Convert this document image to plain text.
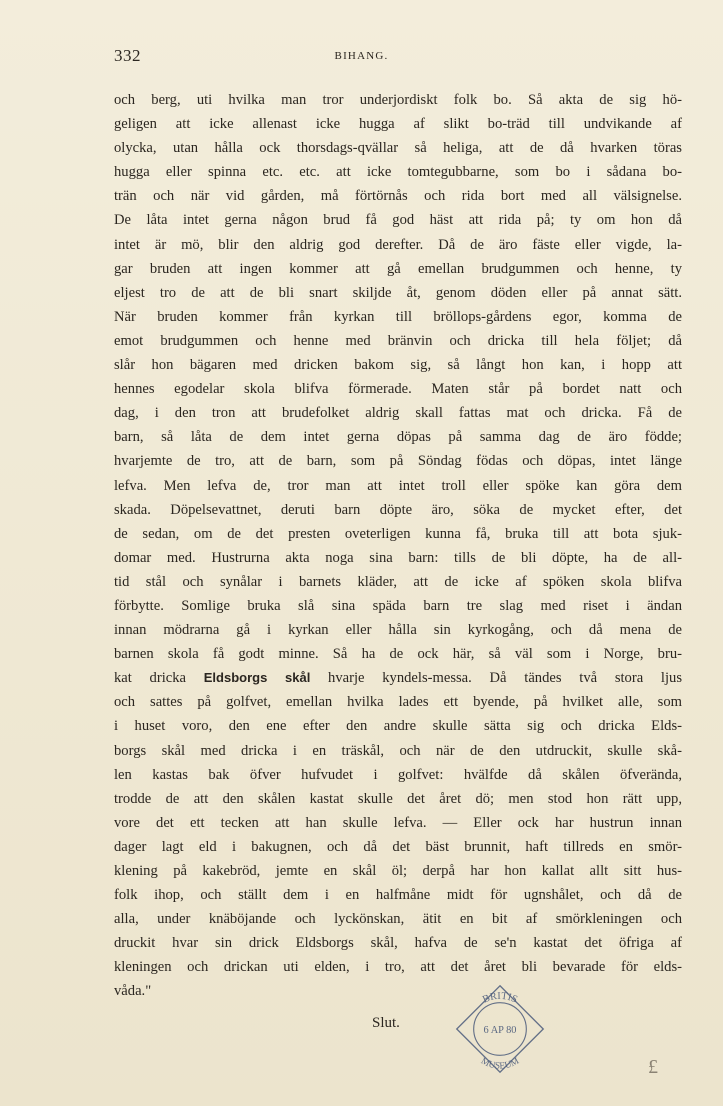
332	BIHANG.
och berg, uti hvilka man tror underjordiskt folk bo. Så akta de sig hö-
geligen att icke allenast icke hugga af slikt bo-träd till undvikande af
olycka, utan hålla ock thorsdags-qvällar så heliga, att de då hvarken töras
hugga eller spinna etc. etc. att icke tomtegubbarne, som bo i sådana bo-
trän och när vid gården, må förtörnås och rida bort med all välsignelse.
De låta intet gerna någon brud få god häst att rida på; ty om hon då
intet är mö, blir den aldrig god derefter. Då de äro fäste eller vigde, la-
gar bruden att ingen kommer att gå emellan brudgummen och henne, ty
eljest tro de att de bli snart skiljde åt, genom döden eller på annat sätt.
När bruden kommer från kyrkan till bröllops-gårdens egor, komma de
emot brudgummen och henne med bränvin och dricka till hela följet; då
slår hon bägaren med dricken bakom sig, så långt hon kan, i hopp att
hennes egodelar skola blifva förmerade. Maten står på bordet natt och
dag, i den tron att brudefolket aldrig skall fattas mat och dricka. Få de
barn, så låta de dem intet gerna döpas på samma dag de äro födde;
hvarjemte de tro, att de barn, som på Söndag födas och döpas, intet länge
lefva. Men lefva de, tror man att intet troll eller spöke kan göra dem
skada. Döpelsevattnet, deruti barn döpte äro, söka de mycket efter, det
de sedan, om de det presten oveterligen kunna få, bruka till att bota sjuk-
domar med. Hustrurna akta noga sina barn: tills de bli döpte, ha de all-
tid stål och synålar i barnets kläder, att de icke af spöken skola blifva
förbytte. Somlige bruka slå sina späda barn tre slag med riset i ändan
innan mödrarna gå i kyrkan eller hålla sin kyrkogång, och då mena de
barnen skola få godt minne. Så ha de ock här, så väl som i Norge, bru-
kat dricka Eldsborgs skål hvarje kyndels-messa. Då tändes två stora ljus
och sattes på golfvet, emellan hvilka lades ett byende, på hvilket alle, som
i huset voro, den ene efter den andre skulle sätta sig och dricka Elds-
borgs skål med dricka i en träskål, och när de den utdruckit, skulle skå-
len kastas bak öfver hufvudet i golfvet: hvälfde då skålen öfverända,
trodde de att den skålen kastat skulle det året dö; men stod hon rätt upp,
vore det ett tecken att han skulle lefva. — Eller ock har hustrun innan
dager lagt eld i bakugnen, och då det bäst brunnit, haft tillreds en smör-
klening på kakebröd, jemte en skål öl; derpå har hon kallat allt sitt hus-
folk ihop, och ställt dem i en halfmåne midt för ugnshålet, och då de
alla, under knäböjande och lyckönskan, ätit en bit af smörkleningen och
druckit hvar sin drick Eldsborgs skål, hafva de se'n kastat det öfriga af
kleningen och drickan uti elden, i tro, att det året bli bevarade för elds-
våda."
Slut.
BRITIS
6 AP 80
MUSEUM	£
